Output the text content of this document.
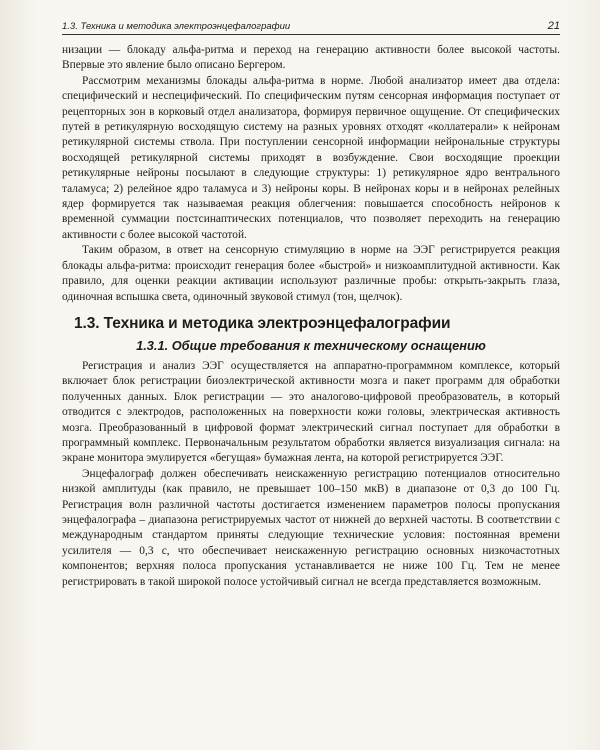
1.3. Техника и методика электроэнцефалографии	21

низации — блокаду альфа-ритма и переход на генерацию активности более высокой частоты. Впервые это явление было описано Бергером.

Рассмотрим механизмы блокады альфа-ритма в норме. Любой анализатор имеет два отдела: специфический и неспецифический. По специфическим путям сенсорная информация поступает от рецепторных зон в корковый отдел анализатора, формируя первичное ощущение. От специфических путей в ретикулярную восходящую систему на разных уровнях отходят «коллатерали» к нейронам ретикулярной системы ствола. При поступлении сенсорной информации нейрональные структуры восходящей ретикулярной системы приходят в возбуждение. Свои восходящие проекции ретикулярные нейроны посылают в следующие структуры: 1) ретикулярное ядро вентрального таламуса; 2) релейное ядро таламуса и 3) нейроны коры. В нейронах коры и в нейронах релейных ядер формируется так называемая реакция облегчения: повышается способность нейронов к временной суммации постсинаптических потенциалов, что позволяет переходить на генерацию активности с более высокой частотой.

Таким образом, в ответ на сенсорную стимуляцию в норме на ЭЭГ регистрируется реакция блокады альфа-ритма: происходит генерация более «быстрой» и низкоамплитудной активности. Как правило, для оценки реакции активации используют различные пробы: открыть-закрыть глаза, одиночная вспышка света, одиночный звуковой стимул (тон, щелчок).

1.3. Техника и методика электроэнцефалографии
1.3.1. Общие требования к техническому оснащению

Регистрация и анализ ЭЭГ осуществляется на аппаратно-программном комплексе, который включает блок регистрации биоэлектрической активности мозга и пакет программ для обработки полученных данных. Блок регистрации — это аналогово-цифровой преобразователь, в который отводится с электродов, расположенных на поверхности кожи головы, электрическая активность мозга. Преобразованный в цифровой формат электрический сигнал поступает для обработки в программный комплекс. Первоначальным результатом обработки является визуализация сигнала: на экране монитора эмулируется «бегущая» бумажная лента, на которой регистрируется ЭЭГ.

Энцефалограф должен обеспечивать неискаженную регистрацию потенциалов относительно низкой амплитуды (как правило, не превышает 100–150 мкВ) в диапазоне от 0,3 до 100 Гц. Регистрация волн различной частоты достигается изменением параметров полосы пропускания энцефалографа – диапазона регистрируемых частот от нижней до верхней частоты. В соответствии с международным стандартом приняты следующие технические условия: постоянная времени усилителя — 0,3 с, что обеспечивает неискаженную регистрацию основных низкочастотных компонентов; верхняя полоса пропускания устанавливается не ниже 100 Гц. Тем не менее регистрировать в такой широкой полосе устойчивый сигнал не всегда представляется возможным.
